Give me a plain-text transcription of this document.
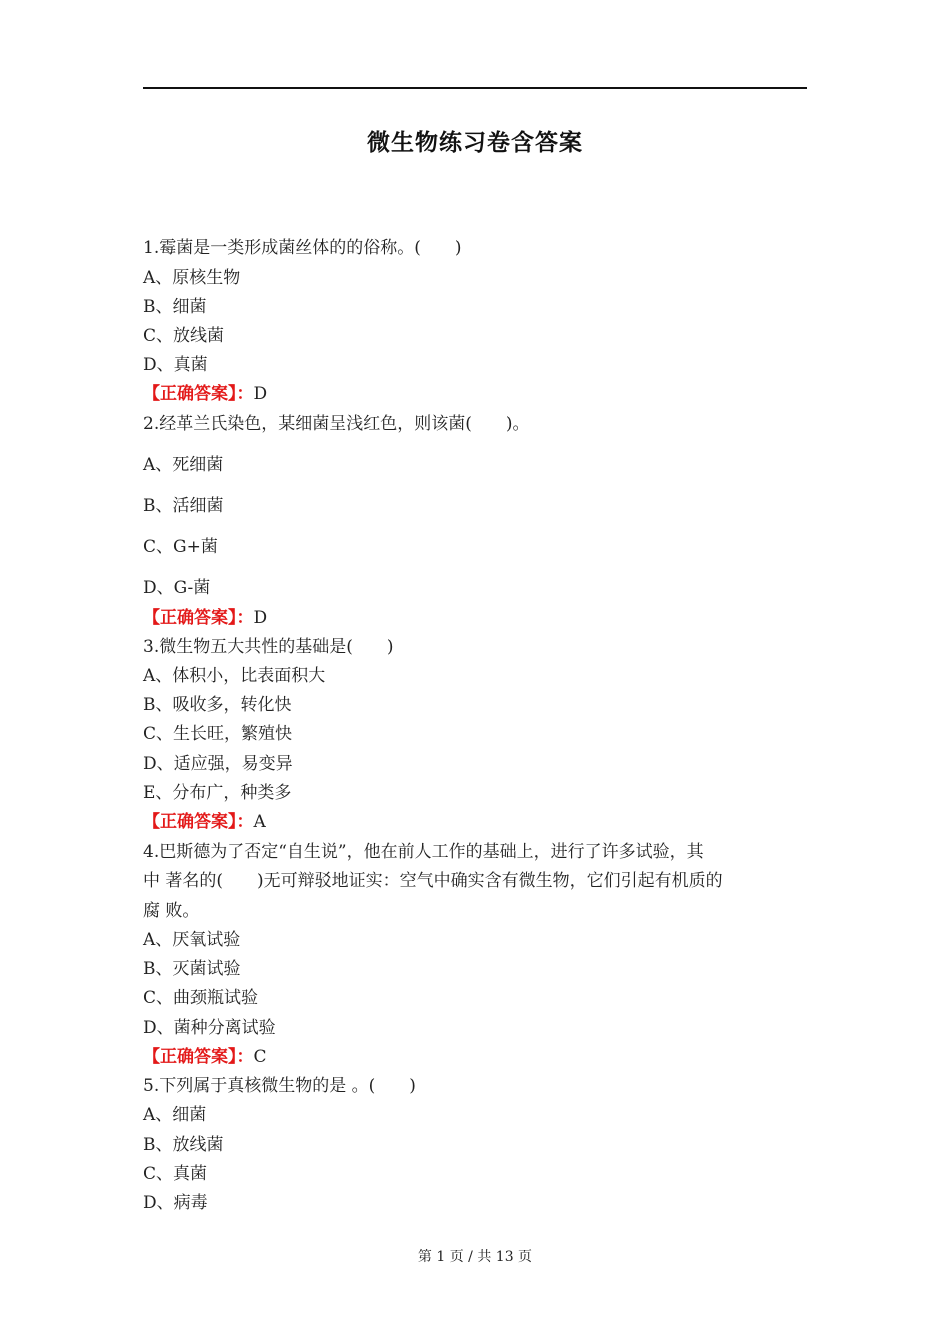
微生物练习卷含答案
1.霉菌是一类形成菌丝体的的俗称。(　　)
A、原核生物
B、细菌
C、放线菌
D、真菌
【正确答案】：D
2.经革兰氏染色，某细菌呈浅红色，则该菌(　　)。
A、死细菌
B、活细菌
C、G+菌
D、G-菌
【正确答案】：D
3.微生物五大共性的基础是(　　)
A、体积小，比表面积大
B、吸收多，转化快
C、生长旺，繁殖快
D、适应强，易变异
E、分布广，种类多
【正确答案】：A
4.巴斯德为了否定“自生说”，他在前人工作的基础上，进行了许多试验，其
中 著名的(　　)无可辩驳地证实：空气中确实含有微生物，它们引起有机质的
腐 败。
A、厌氧试验
B、灭菌试验
C、曲颈瓶试验
D、菌种分离试验
【正确答案】：C
5.下列属于真核微生物的是 。(　　)
A、细菌
B、放线菌
C、真菌
D、病毒
第 1 页 / 共 13 页
